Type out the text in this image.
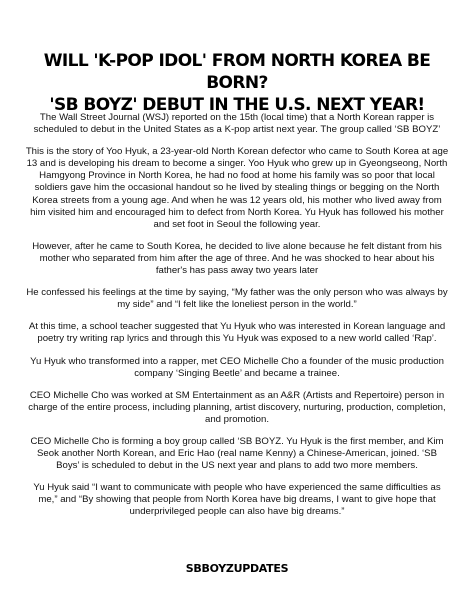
WILL 'K-POP IDOL' FROM NORTH KOREA BE BORN?
'SB BOYZ' DEBUT IN THE U.S. NEXT YEAR!

The Wall Street Journal (WSJ) reported on the 15th (local time) that a North Korean rapper is scheduled to debut in the United States as a K-pop artist next year. The group called ‘SB BOYZ’

This is the story of Yoo Hyuk, a 23-year-old North Korean defector who came to South Korea at age 13 and is developing his dream to become a singer. Yoo Hyuk who grew up in Gyeongseong, North Hamgyong Province in North Korea, he had no food at home his family was so poor that local soldiers gave him the occasional handout so he lived by stealing things or begging on the North Korea streets from a young age. And when he was 12 years old, his mother who lived away from him visited him and encouraged him to defect from North Korea. Yu Hyuk has followed his mother and set foot in Seoul the following year.

However, after he came to South Korea, he decided to live alone because he felt distant from his mother who separated from him after the age of three. And he was shocked to hear about his father's has pass away two years later

He confessed his feelings at the time by saying, “My father was the only person who was always by my side” and “I felt like the loneliest person in the world.”

At this time, a school teacher suggested that Yu Hyuk who was interested in Korean language and poetry try writing rap lyrics and through this Yu Hyuk was exposed to a new world called ‘Rap’.

Yu Hyuk who transformed into a rapper, met CEO Michelle Cho a founder of the music production company ‘Singing Beetle’ and became a trainee.

CEO Michelle Cho was worked at SM Entertainment as an A&R (Artists and Repertoire) person in charge of the entire process, including planning, artist discovery, nurturing, production, completion, and promotion.

CEO Michelle Cho is forming a boy group called ‘SB BOYZ. Yu Hyuk is the first member, and Kim Seok another North Korean, and Eric Hao (real name Kenny) a Chinese-American, joined. ‘SB Boys’ is scheduled to debut in the US next year and plans to add two more members.

Yu Hyuk said “I want to communicate with people who have experienced the same difficulties as me,” and “By showing that people from North Korea have big dreams, I want to give hope that underprivileged people can also have big dreams.”

SBBOYZUPDATES
